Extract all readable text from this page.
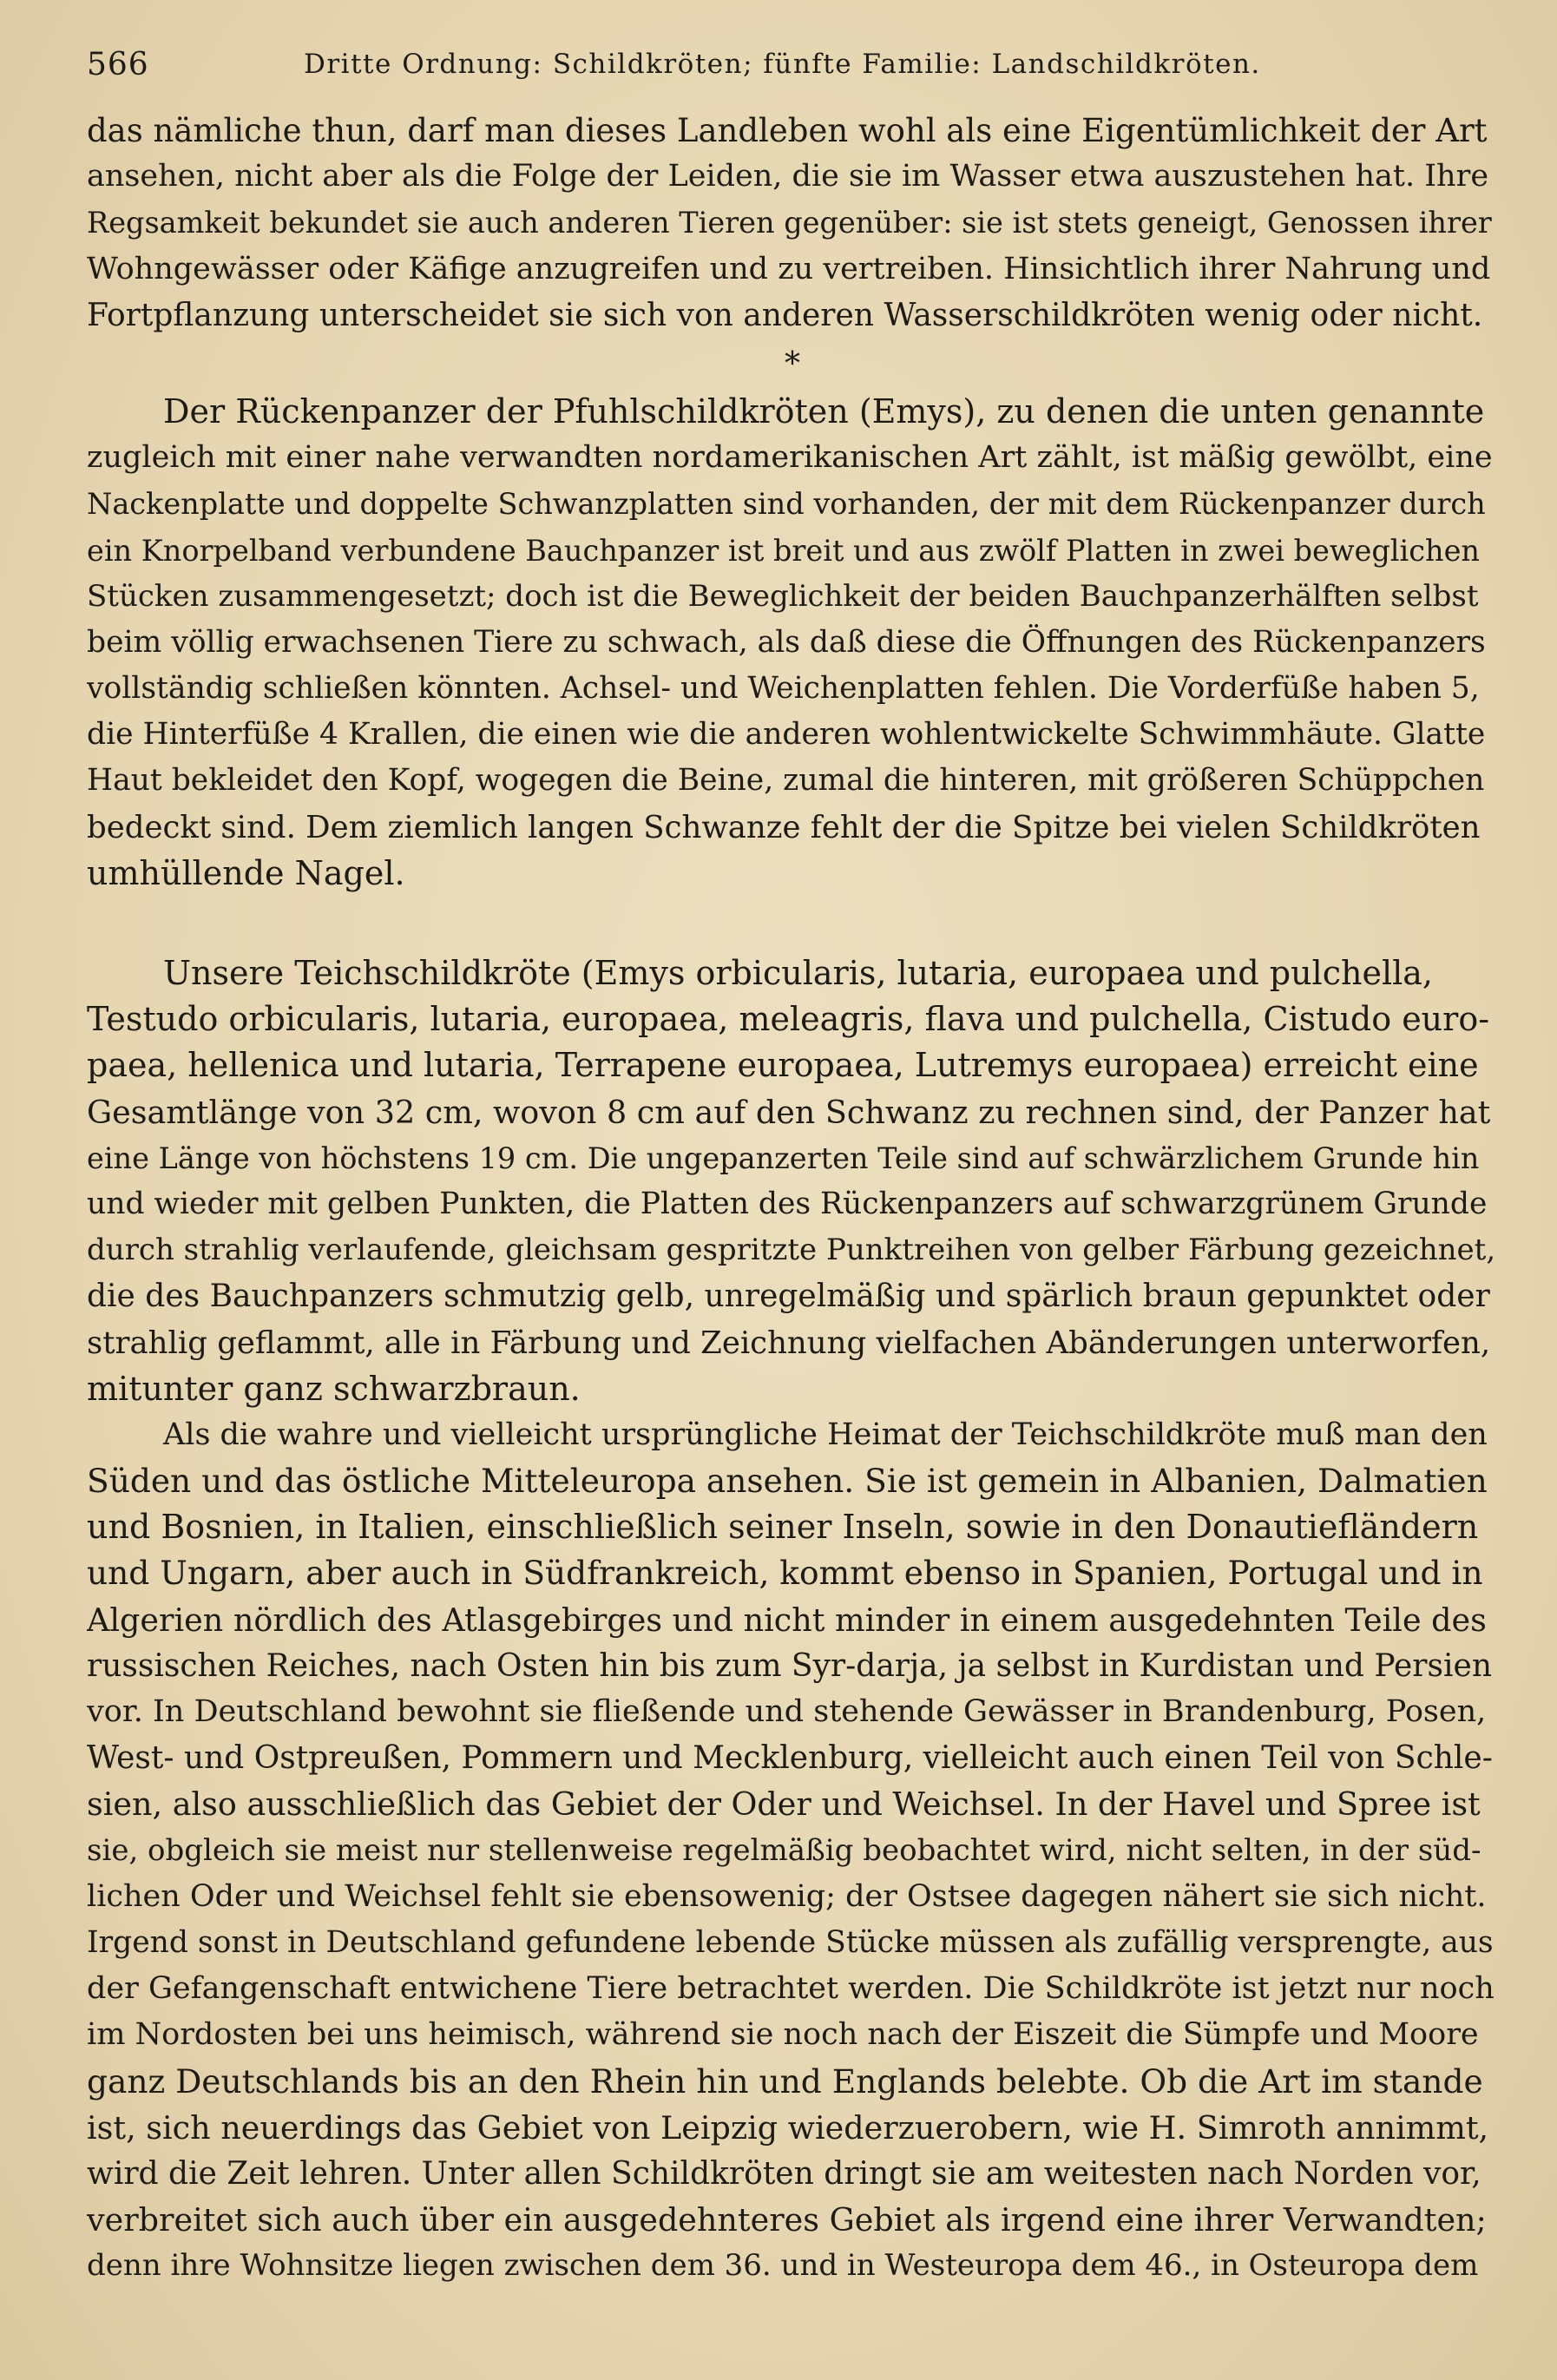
566	Dritte Ordnung: Schildkröten; fünfte Familie: Landschildkröten.
das nämliche thun, darf man dieses Landleben wohl als eine Eigentümlichkeit der Art
ansehen, nicht aber als die Folge der Leiden, die sie im Wasser etwa auszustehen hat. Ihre
Regsamkeit bekundet sie auch anderen Tieren gegenüber: sie ist stets geneigt, Genossen ihrer
Wohngewässer oder Käfige anzugreifen und zu vertreiben. Hinsichtlich ihrer Nahrung und
Fortpflanzung unterscheidet sie sich von anderen Wasserschildkröten wenig oder nicht.
*
Der Rückenpanzer der Pfuhlschildkröten (Emys), zu denen die unten genannte
zugleich mit einer nahe verwandten nordamerikanischen Art zählt, ist mäßig gewölbt, eine
Nackenplatte und doppelte Schwanzplatten sind vorhanden, der mit dem Rückenpanzer durch
ein Knorpelband verbundene Bauchpanzer ist breit und aus zwölf Platten in zwei beweglichen
Stücken zusammengesetzt; doch ist die Beweglichkeit der beiden Bauchpanzerhälften selbst
beim völlig erwachsenen Tiere zu schwach, als daß diese die Öffnungen des Rückenpanzers
vollständig schließen könnten. Achsel- und Weichenplatten fehlen. Die Vorderfüße haben 5,
die Hinterfüße 4 Krallen, die einen wie die anderen wohlentwickelte Schwimmhäute. Glatte
Haut bekleidet den Kopf, wogegen die Beine, zumal die hinteren, mit größeren Schüppchen
bedeckt sind. Dem ziemlich langen Schwanze fehlt der die Spitze bei vielen Schildkröten
umhüllende Nagel.
Unsere Teichschildkröte (Emys orbicularis, lutaria, europaea und pulchella,
Testudo orbicularis, lutaria, europaea, meleagris, flava und pulchella, Cistudo euro-
paea, hellenica und lutaria, Terrapene europaea, Lutremys europaea) erreicht eine
Gesamtlänge von 32 cm, wovon 8 cm auf den Schwanz zu rechnen sind, der Panzer hat
eine Länge von höchstens 19 cm. Die ungepanzerten Teile sind auf schwärzlichem Grunde hin
und wieder mit gelben Punkten, die Platten des Rückenpanzers auf schwarzgrünem Grunde
durch strahlig verlaufende, gleichsam gespritzte Punktreihen von gelber Färbung gezeichnet,
die des Bauchpanzers schmutzig gelb, unregelmäßig und spärlich braun gepunktet oder
strahlig geflammt, alle in Färbung und Zeichnung vielfachen Abänderungen unterworfen,
mitunter ganz schwarzbraun.
Als die wahre und vielleicht ursprüngliche Heimat der Teichschildkröte muß man den
Süden und das östliche Mitteleuropa ansehen. Sie ist gemein in Albanien, Dalmatien
und Bosnien, in Italien, einschließlich seiner Inseln, sowie in den Donautiefländern
und Ungarn, aber auch in Südfrankreich, kommt ebenso in Spanien, Portugal und in
Algerien nördlich des Atlasgebirges und nicht minder in einem ausgedehnten Teile des
russischen Reiches, nach Osten hin bis zum Syr-darja, ja selbst in Kurdistan und Persien
vor. In Deutschland bewohnt sie fließende und stehende Gewässer in Brandenburg, Posen,
West- und Ostpreußen, Pommern und Mecklenburg, vielleicht auch einen Teil von Schle-
sien, also ausschließlich das Gebiet der Oder und Weichsel. In der Havel und Spree ist
sie, obgleich sie meist nur stellenweise regelmäßig beobachtet wird, nicht selten, in der süd-
lichen Oder und Weichsel fehlt sie ebensowenig; der Ostsee dagegen nähert sie sich nicht.
Irgend sonst in Deutschland gefundene lebende Stücke müssen als zufällig versprengte, aus
der Gefangenschaft entwichene Tiere betrachtet werden. Die Schildkröte ist jetzt nur noch
im Nordosten bei uns heimisch, während sie noch nach der Eiszeit die Sümpfe und Moore
ganz Deutschlands bis an den Rhein hin und Englands belebte. Ob die Art im stande
ist, sich neuerdings das Gebiet von Leipzig wiederzuerobern, wie H. Simroth annimmt,
wird die Zeit lehren. Unter allen Schildkröten dringt sie am weitesten nach Norden vor,
verbreitet sich auch über ein ausgedehnteres Gebiet als irgend eine ihrer Verwandten;
denn ihre Wohnsitze liegen zwischen dem 36. und in Westeuropa dem 46., in Osteuropa dem
